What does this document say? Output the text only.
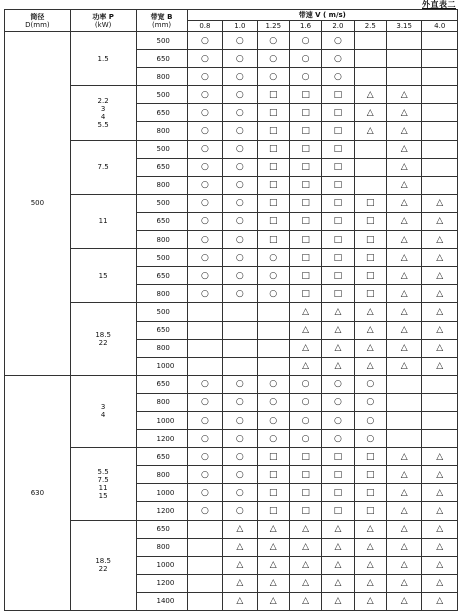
外直表二
筒径
D(mm)	功率 P
(kW)	带宽 B
(mm)	带速 V ( m/s)							
			0.8	1.0	1.25	1.6	2.0	2.5	3.15	4.0
500	1.5	500	○	○	○	○	○			
		650	○	○	○	○	○			
		800	○	○	○	○	○			

	2.2
3
4
5.5	500	○	○	□	□	□	△	△	
		650	○	○	□	□	□	△	△	
		800	○	○	□	□	□	△	△	

	7.5	500	○	○	□	□	□		△	
		650	○	○	□	□	□		△	
		800	○	○	□	□	□		△	

	11	500	○	○	□	□	□	□	△	△
		650	○	○	□	□	□	□	△	△
		800	○	○	□	□	□	□	△	△

	15	500	○	○	○	□	□	□	△	△
		650	○	○	○	□	□	□	△	△
		800	○	○	○	□	□	□	△	△

	18.5
22	500				△	△	△	△	△
		650				△	△	△	△	△
		800				△	△	△	△	△
		1000				△	△	△	△	△
630	3
4	650	○	○	○	○	○	○		
		800	○	○	○	○	○	○		
		1000	○	○	○	○	○	○		
		1200	○	○	○	○	○	○		

	5.5
7.5
11
15	650	○	○	□	□	□	□	△	△
		800	○	○	□	□	□	□	△	△
		1000	○	○	□	□	□	□	△	△
		1200	○	○	□	□	□	□	△	△

	18.5
22	650		△	△	△	△	△	△	△
		800		△	△	△	△	△	△	△
		1000		△	△	△	△	△	△	△
		1200		△	△	△	△	△	△	△
		1400		△	△	△	△	△	△	△
